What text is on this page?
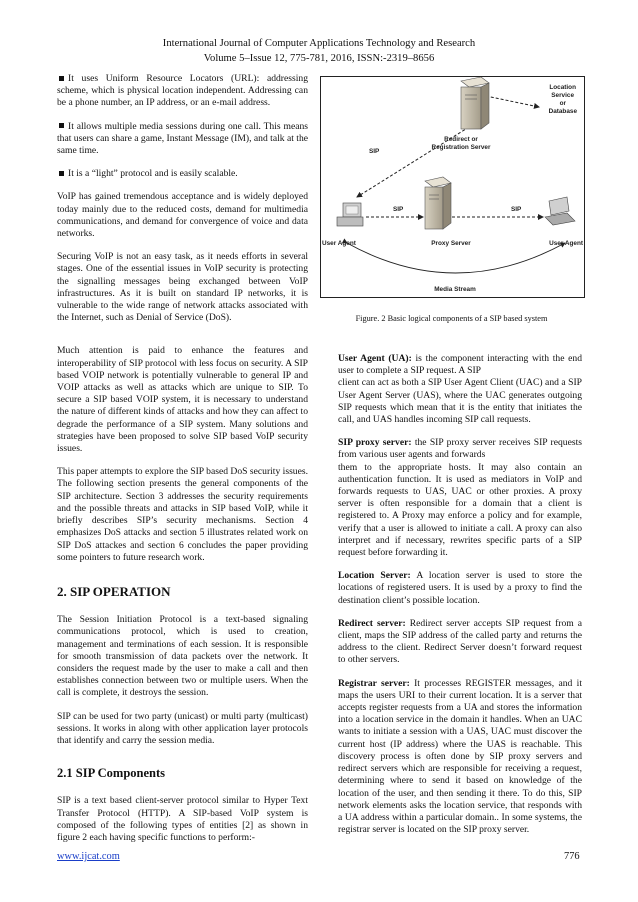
International Journal of Computer Applications Technology and Research
Volume 5–Issue 12, 775-781, 2016, ISSN:-2319–8656

It uses Uniform Resource Locators (URL): addressing scheme, which is physical location independent. Addressing can be a phone number, an IP address, or an e-mail address.

It allows multiple media sessions during one call. This means that users can share a game, Instant Message (IM), and talk at the same time.

It is a “light” protocol and is easily scalable.

VoIP has gained tremendous acceptance and is widely deployed today mainly due to the reduced costs, demand for multimedia communications, and demand for convergence of voice and data networks.

Securing VoIP is not an easy task, as it needs efforts in several stages. One of the essential issues in VoIP security is protecting the signalling messages being exchanged between VoIP infrastructures. As it is built on standard IP networks, it is vulnerable to the wide range of network attacks associated with the Internet, such as Denial of Service (DoS).

Much attention is paid to enhance the features and interoperability of SIP protocol with less focus on security. A SIP based VOIP network is potentially vulnerable to general IP and VOIP attacks as well as attacks which are unique to SIP. To secure a SIP based VOIP system, it is necessary to understand the nature of different kinds of attacks and how they can affect to degrade the performance of a SIP system. Many solutions and strategies have been proposed to solve SIP based VoIP security issues.

This paper attempts to explore the SIP based DoS security issues. The following section presents the general components of the SIP architecture. Section 3 addresses the security requirements and the possible threats and attacks in SIP based VoIP, while it briefly describes SIP’s security mechanisms. Section 4 emphasizes DoS attacks and section 5 illustrates related work on SIP DoS attackes and section 6 concludes the paper providing some pointers to future research work.

2. SIP OPERATION

The Session Initiation Protocol is a text-based signaling communications protocol, which is used to creation, management and terminations of each session. It is responsible for smooth transmission of data packets over the network. It considers the request made by the user to make a call and then establishes connection between two or multiple users. When the call is complete, it destroys the session.

SIP can be used for two party (unicast) or multi party (multicast) sessions. It works in along with other application layer protocols that identify and carry the session media.

2.1 SIP Components

SIP is a text based client-server protocol similar to Hyper Text Transfer Protocol (HTTP). A SIP-based VoIP system is composed of the following types of entities [2] as shown in figure 2 each having specific functions to perform:-

Location
Service
or
Database
Redirect or
Registration Server
SIP
SIP	SIP
User Agent	Proxy Server	User Agent
Media Stream
Figure. 2 Basic logical components of a SIP based system

User Agent (UA): is the component interacting with the end user to complete a SIP request. A SIP
client can act as both a SIP User Agent Client (UAC) and a SIP User Agent Server (UAS), where the UAC generates outgoing SIP requests which mean that it is the entity that initiates the call, and UAS handles incoming SIP call requests.

SIP proxy server: the SIP proxy server receives SIP requests from various user agents and forwards
them to the appropriate hosts. It may also contain an authentication function. It is used as mediators in VoIP and forwards requests to UAS, UAC or other proxies. A proxy server is often responsible for a domain that a client is registered to. A Proxy may enforce a policy and for example, verify that a user is allowed to initiate a call. A proxy can also interpret and if necessary, rewrites specific parts of a SIP request before forwarding it.

Location Server: A location server is used to store the locations of registered users. It is used by a proxy to find the destination client’s possible location.

Redirect server: Redirect server accepts SIP request from a client, maps the SIP address of the called party and returns the address to the client. Redirect Server doesn’t forward request to other servers.

Registrar server: It processes REGISTER messages, and it maps the users URI to their current location. It is a server that accepts register requests from a UA and stores the information into a location service in the domain it handles. When an UAC wants to initiate a session with a UAS, UAC must discover the current host (IP address) where the UAS is reachable. This discovery process is often done by SIP proxy servers and redirect servers which are responsible for receiving a request, determining where to send it based on knowledge of the location of the user, and then sending it there. To do this, SIP network elements asks the location service, that responds with a UA address within a particular domain.. In some systems, the registrar server is located on the SIP proxy server.

www.ijcat.com	776
